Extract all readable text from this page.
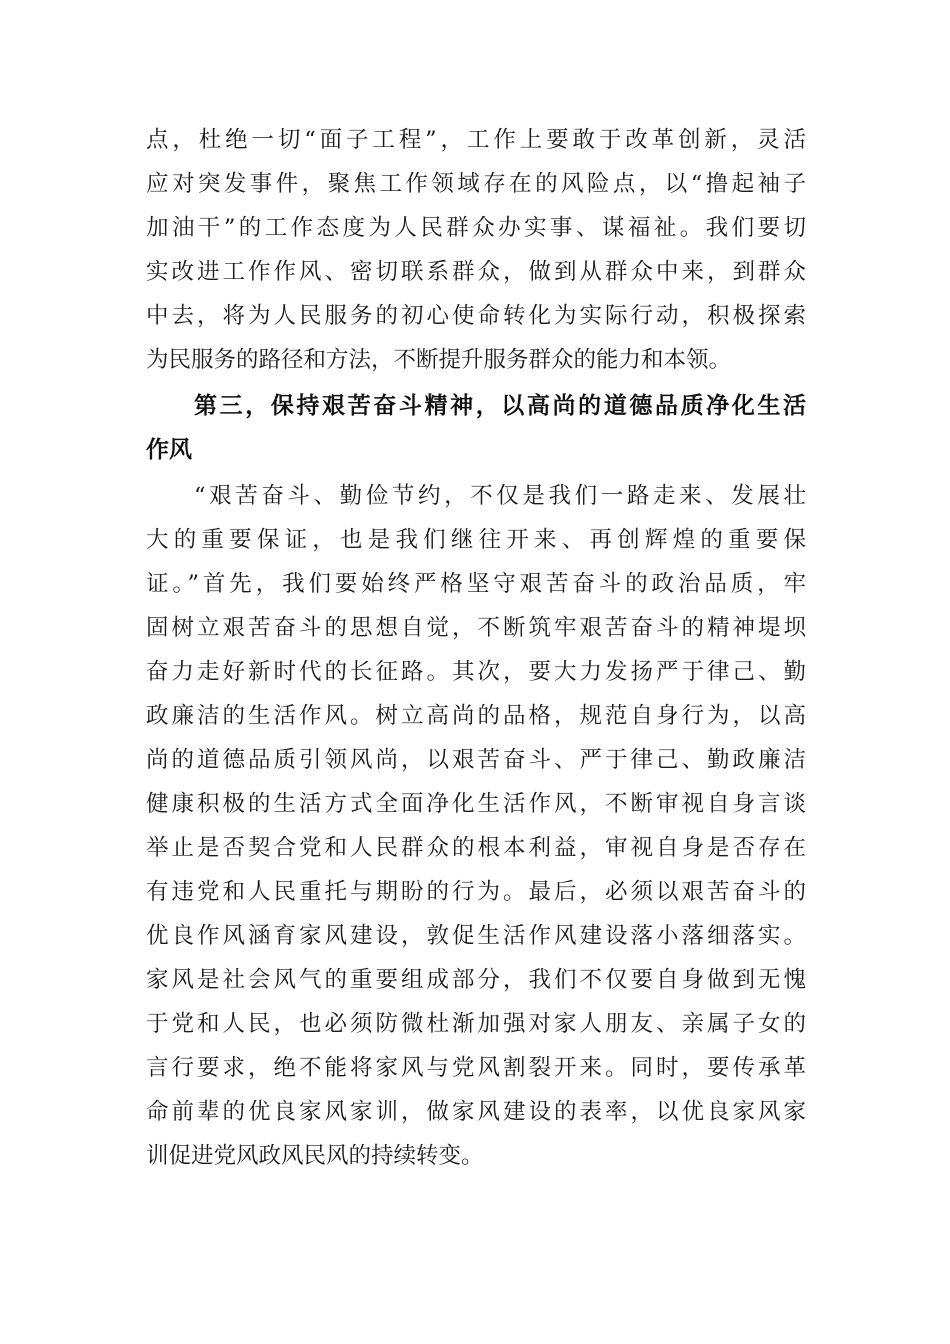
点，杜绝一切“面子工程”，工作上要敢于改革创新，灵活
应对突发事件，聚焦工作领域存在的风险点，以“撸起袖子
加油干”的工作态度为人民群众办实事、谋福祉。我们要切
实改进工作作风、密切联系群众，做到从群众中来，到群众
中去，将为人民服务的初心使命转化为实际行动，积极探索
为民服务的路径和方法，不断提升服务群众的能力和本领。
第三，保持艰苦奋斗精神，以高尚的道德品质净化生活
作风
“艰苦奋斗、勤俭节约，不仅是我们一路走来、发展壮
大的重要保证，也是我们继往开来、再创辉煌的重要保
证。”首先，我们要始终严格坚守艰苦奋斗的政治品质，牢
固树立艰苦奋斗的思想自觉，不断筑牢艰苦奋斗的精神堤坝
奋力走好新时代的长征路。其次，要大力发扬严于律己、勤
政廉洁的生活作风。树立高尚的品格，规范自身行为，以高
尚的道德品质引领风尚，以艰苦奋斗、严于律己、勤政廉洁
健康积极的生活方式全面净化生活作风，不断审视自身言谈
举止是否契合党和人民群众的根本利益，审视自身是否存在
有违党和人民重托与期盼的行为。最后，必须以艰苦奋斗的
优良作风涵育家风建设，敦促生活作风建设落小落细落实。
家风是社会风气的重要组成部分，我们不仅要自身做到无愧
于党和人民，也必须防微杜渐加强对家人朋友、亲属子女的
言行要求，绝不能将家风与党风割裂开来。同时，要传承革
命前辈的优良家风家训，做家风建设的表率，以优良家风家
训促进党风政风民风的持续转变。
